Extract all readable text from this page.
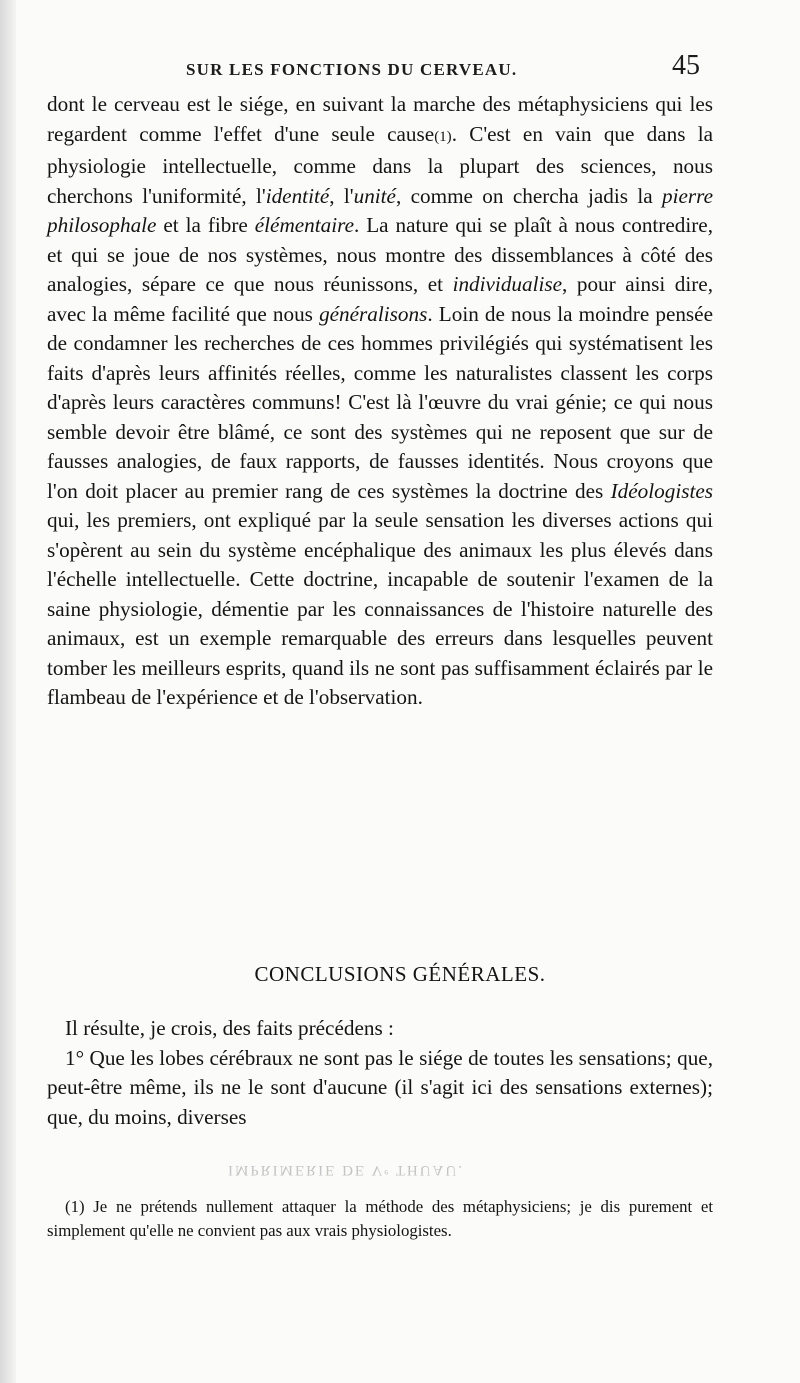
SUR LES FONCTIONS DU CERVEAU.	45

dont le cerveau est le siége, en suivant la marche des métaphysiciens qui les regardent comme l'effet d'une seule cause(1). C'est en vain que dans la physiologie intellectuelle, comme dans la plupart des sciences, nous cherchons l'uniformité, l'identité, l'unité, comme on chercha jadis la pierre philosophale et la fibre élémentaire. La nature qui se plaît à nous contredire, et qui se joue de nos systèmes, nous montre des dissemblances à côté des analogies, sépare ce que nous réunissons, et individualise, pour ainsi dire, avec la même facilité que nous généralisons. Loin de nous la moindre pensée de condamner les recherches de ces hommes privilégiés qui systématisent les faits d'après leurs affinités réelles, comme les naturalistes classent les corps d'après leurs caractères communs! C'est là l'œuvre du vrai génie; ce qui nous semble devoir être blâmé, ce sont des systèmes qui ne reposent que sur de fausses analogies, de faux rapports, de fausses identités. Nous croyons que l'on doit placer au premier rang de ces systèmes la doctrine des Idéologistes qui, les premiers, ont expliqué par la seule sensation les diverses actions qui s'opèrent au sein du système encéphalique des animaux les plus élevés dans l'échelle intellectuelle. Cette doctrine, incapable de soutenir l'examen de la saine physiologie, démentie par les connaissances de l'histoire naturelle des animaux, est un exemple remarquable des erreurs dans lesquelles peuvent tomber les meilleurs esprits, quand ils ne sont pas suffisamment éclairés par le flambeau de l'expérience et de l'observation.

CONCLUSIONS GÉNÉRALES.

Il résulte, je crois, des faits précédens :

1° Que les lobes cérébraux ne sont pas le siége de toutes les sensations; que, peut-être même, ils ne le sont d'aucune (il s'agit ici des sensations externes); que, du moins, diverses

IMPRIMERIE DE Vᵉ THUAU.

(1) Je ne prétends nullement attaquer la méthode des métaphysiciens; je dis purement et simplement qu'elle ne convient pas aux vrais physiologistes.
